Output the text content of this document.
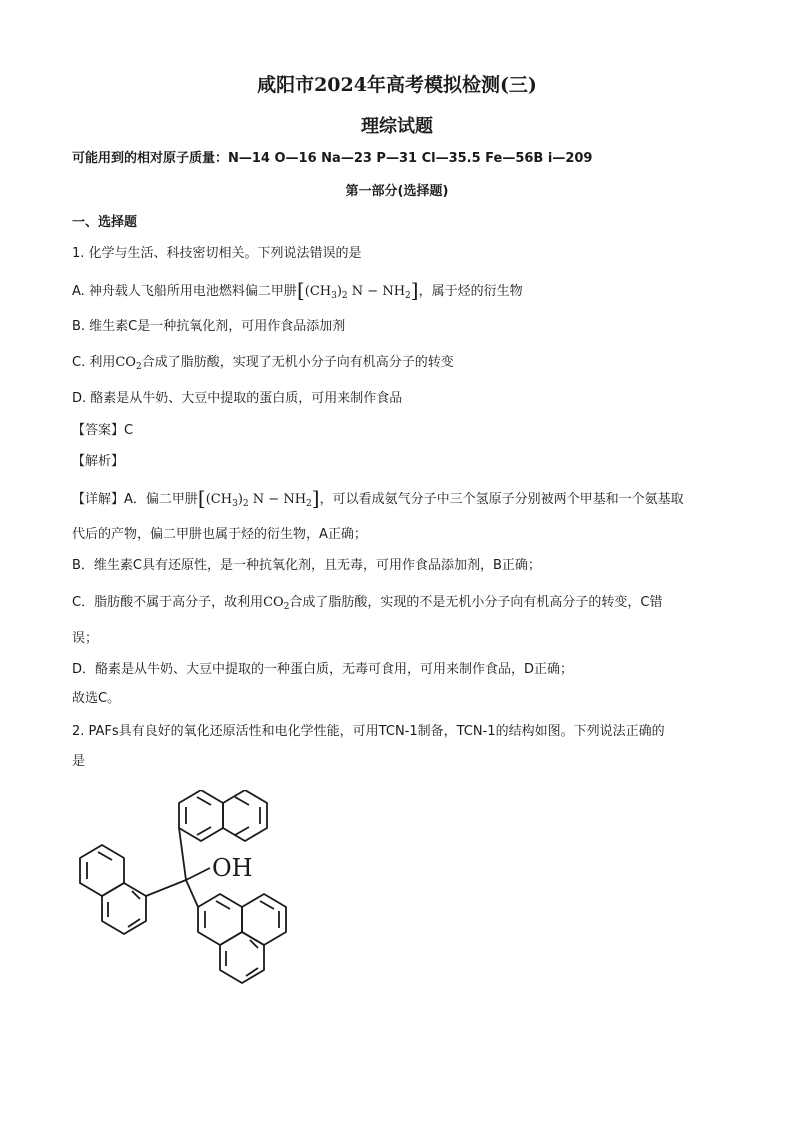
咸阳市2024年高考模拟检测(三)
理综试题
可能用到的相对原子质量：N—14 O—16 Na—23 P—31 Cl—35.5 Fe—56B i—209
第一部分(选择题)
一、选择题
1. 化学与生活、科技密切相关。下列说法错误的是
A. 神舟载人飞船所用电池燃料偏二甲肼[$(CH_3)_2$ $N - NH_2$]，属于烃的衍生物
B. 维生素C是一种抗氧化剂，可用作食品添加剂
C. 利用$CO_2$合成了脂肪酸，实现了无机小分子向有机高分子的转变
D. 酪素是从牛奶、大豆中提取的蛋白质，可用来制作食品
【答案】C
【解析】
【详解】A．偏二甲肼[$(CH_3)_2$ $N - NH_2$]，可以看成氨气分子中三个氢原子分别被两个甲基和一个氨基取
代后的产物，偏二甲肼也属于烃的衍生物，A正确；
B．维生素C具有还原性，是一种抗氧化剂，且无毒，可用作食品添加剂，B正确；
C．脂肪酸不属于高分子，故利用$CO_2$合成了脂肪酸，实现的不是无机小分子向有机高分子的转变，C错
误；
D．酪素是从牛奶、大豆中提取的一种蛋白质，无毒可食用，可用来制作食品，D正确；
故选C。
2. PAFs具有良好的氧化还原活性和电化学性能，可用TCN-1制备，TCN-1的结构如图。下列说法正确的
是
OH
